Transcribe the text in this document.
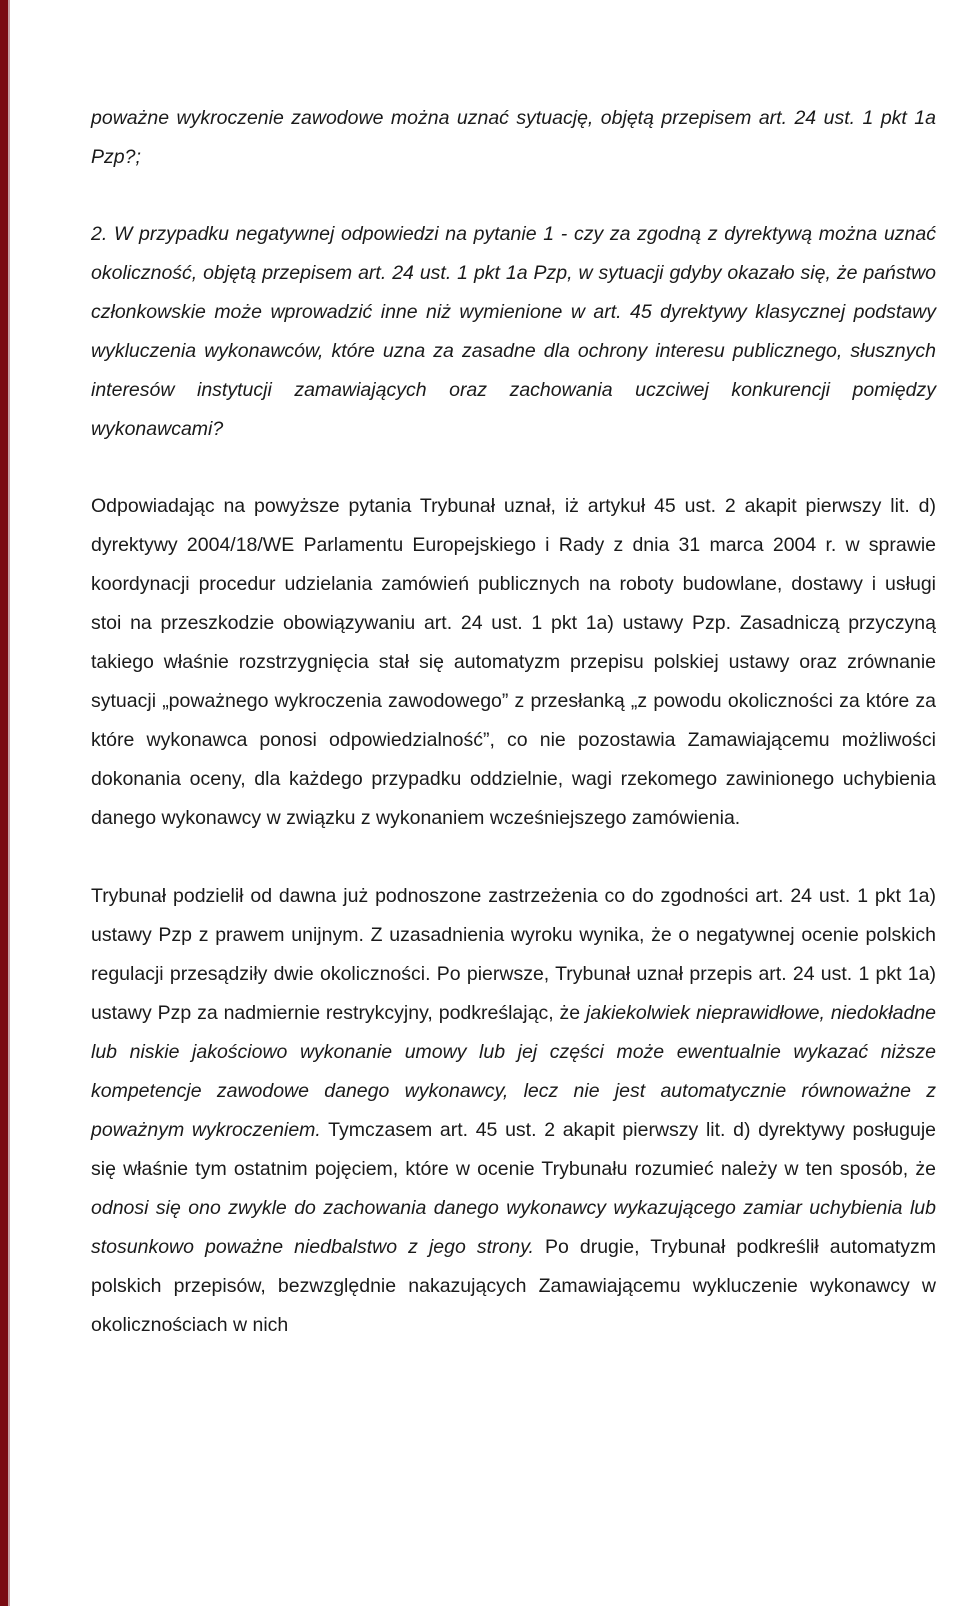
poważne wykroczenie zawodowe można uznać sytuację, objętą przepisem art. 24 ust. 1 pkt 1a Pzp?;

2. W przypadku negatywnej odpowiedzi na pytanie 1 - czy za zgodną z dyrektywą można uznać okoliczność, objętą przepisem art. 24 ust. 1 pkt 1a Pzp, w sytuacji gdyby okazało się, że państwo członkowskie może wprowadzić inne niż wymienione w art. 45 dyrektywy klasycznej podstawy wykluczenia wykonawców, które uzna za zasadne dla ochrony interesu publicznego, słusznych interesów instytucji zamawiających oraz zachowania uczciwej konkurencji pomiędzy wykonawcami?

Odpowiadając na powyższe pytania Trybunał uznał, iż artykuł 45 ust. 2 akapit pierwszy lit. d) dyrektywy 2004/18/WE Parlamentu Europejskiego i Rady z dnia 31 marca 2004 r. w sprawie koordynacji procedur udzielania zamówień publicznych na roboty budowlane, dostawy i usługi stoi na przeszkodzie obowiązywaniu art. 24 ust. 1 pkt 1a) ustawy Pzp. Zasadniczą przyczyną takiego właśnie rozstrzygnięcia stał się automatyzm przepisu polskiej ustawy oraz zrównanie sytuacji „poważnego wykroczenia zawodowego” z przesłanką „z powodu okoliczności za które za które wykonawca ponosi odpowiedzialność”, co nie pozostawia Zamawiającemu możliwości dokonania oceny, dla każdego przypadku oddzielnie, wagi rzekomego zawinionego uchybienia danego wykonawcy w związku z wykonaniem wcześniejszego zamówienia.

Trybunał podzielił od dawna już podnoszone zastrzeżenia co do zgodności art. 24 ust. 1 pkt 1a) ustawy Pzp z prawem unijnym. Z uzasadnienia wyroku wynika, że o negatywnej ocenie polskich regulacji przesądziły dwie okoliczności. Po pierwsze, Trybunał uznał przepis art. 24 ust. 1 pkt 1a) ustawy Pzp za nadmiernie restrykcyjny, podkreślając, że jakiekolwiek nieprawidłowe, niedokładne lub niskie jakościowo wykonanie umowy lub jej części może ewentualnie wykazać niższe kompetencje zawodowe danego wykonawcy, lecz nie jest automatycznie równoważne z poważnym wykroczeniem. Tymczasem art. 45 ust. 2 akapit pierwszy lit. d) dyrektywy posługuje się właśnie tym ostatnim pojęciem, które w ocenie Trybunału rozumieć należy w ten sposób, że odnosi się ono zwykle do zachowania danego wykonawcy wykazującego zamiar uchybienia lub stosunkowo poważne niedbalstwo z jego strony. Po drugie, Trybunał podkreślił automatyzm polskich przepisów, bezwzględnie nakazujących Zamawiającemu wykluczenie wykonawcy w okolicznościach w nich
